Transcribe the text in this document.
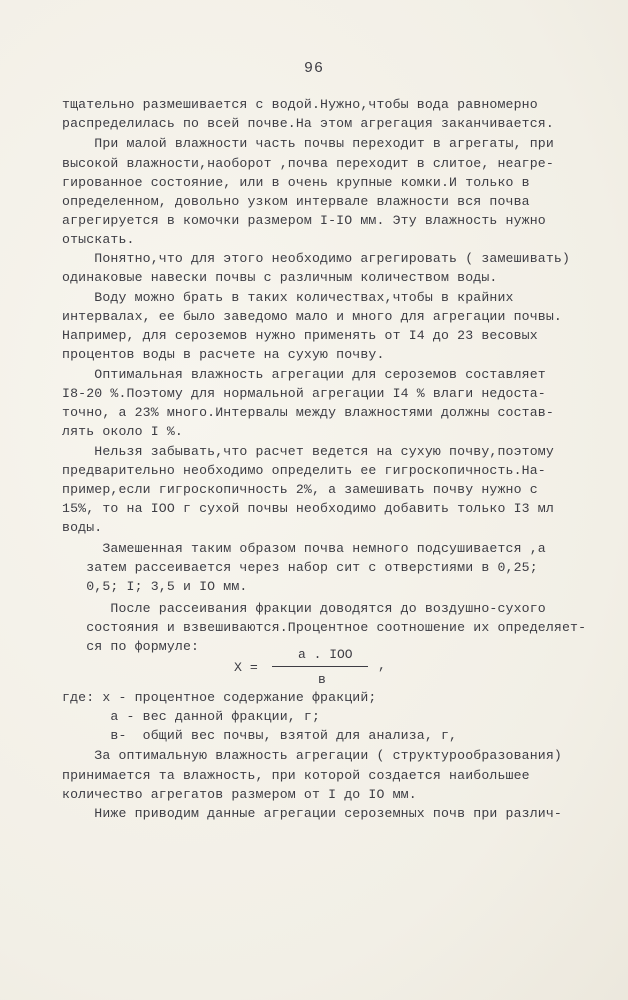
96
тщательно размешивается с водой.Нужно,чтобы вода равномерно
распределилась по всей почве.На этом агрегация заканчивается.
При малой влажности часть почвы переходит в агрегаты, при
высокой влажности,наоборот ,почва переходит в слитое, неагре-
гированное состояние, или в очень крупные комки.И только в
определенном, довольно узком интервале влажности вся почва
агрегируется в комочки размером I-IO мм. Эту влажность нужно
отыскать.
Понятно,что для этого необходимо агрегировать ( замешивать)
одинаковые навески почвы с различным количеством воды.
Воду можно брать в таких количествах,чтобы в крайних
интервалах, ее было заведомо мало и много для агрегации почвы.
Например, для сероземов нужно применять от I4 до 23 весовых
процентов воды в расчете на сухую почву.
Оптимальная влажность агрегации для сероземов составляет
I8-20 %.Поэтому для нормальной агрегации I4 % влаги недоста-
точно, а 23% много.Интервалы между влажностями должны состав-
лять около I %.
Нельзя забывать,что расчет ведется на сухую почву,поэтому
предварительно необходимо определить ее гигроскопичность.На-
пример,если гигроскопичность 2%, а замешивать почву нужно с
15%, то на IOO г сухой почвы необходимо добавить только I3 мл
воды.
Замешенная таким образом почва немного подсушивается ,а
затем рассеивается через набор сит с отверстиями в 0,25;
0,5; I; 3,5 и IO мм.
После рассеивания фракции доводятся до воздушно-сухого
состояния и взвешиваются.Процентное соотношение их определяет-
ся по формуле:
а . IOO
X =	,
в
где: х - процентное содержание фракций;
а - вес данной фракции, г;
в-  общий вес почвы, взятой для анализа, г,
За оптимальную влажность агрегации ( структурообразования)
принимается та влажность, при которой создается наибольшее
количество агрегатов размером от I до IO мм.
Ниже приводим данные агрегации сероземных почв при различ-
